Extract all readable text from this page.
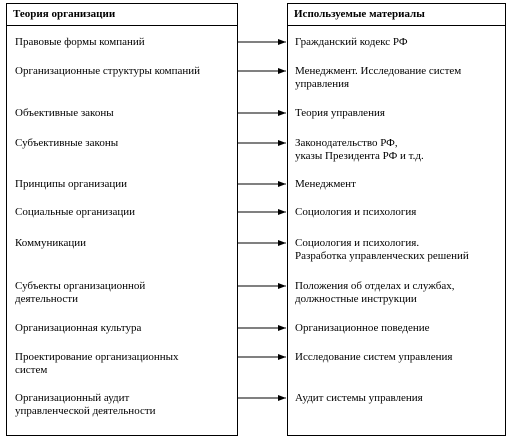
Теория организации
Правовые формы компаний
Организационные структуры компаний
Объективные законы
Субъективные законы
Принципы организации
Социальные организации
Коммуникации
Субъекты организационной
деятельности
Организационная культура
Проектирование организационных
систем
Организационный аудит
управленческой деятельности
Используемые материалы
Гражданский кодекс РФ
Менеджмент. Исследование систем
управления
Теория управления
Законодательство РФ,
указы Президента РФ и т.д.
Менеджмент
Социология и психология
Социология и психология.
Разработка управленческих решений
Положения об отделах и службах,
должностные инструкции
Организационное поведение
Исследование систем управления
Аудит системы управления
